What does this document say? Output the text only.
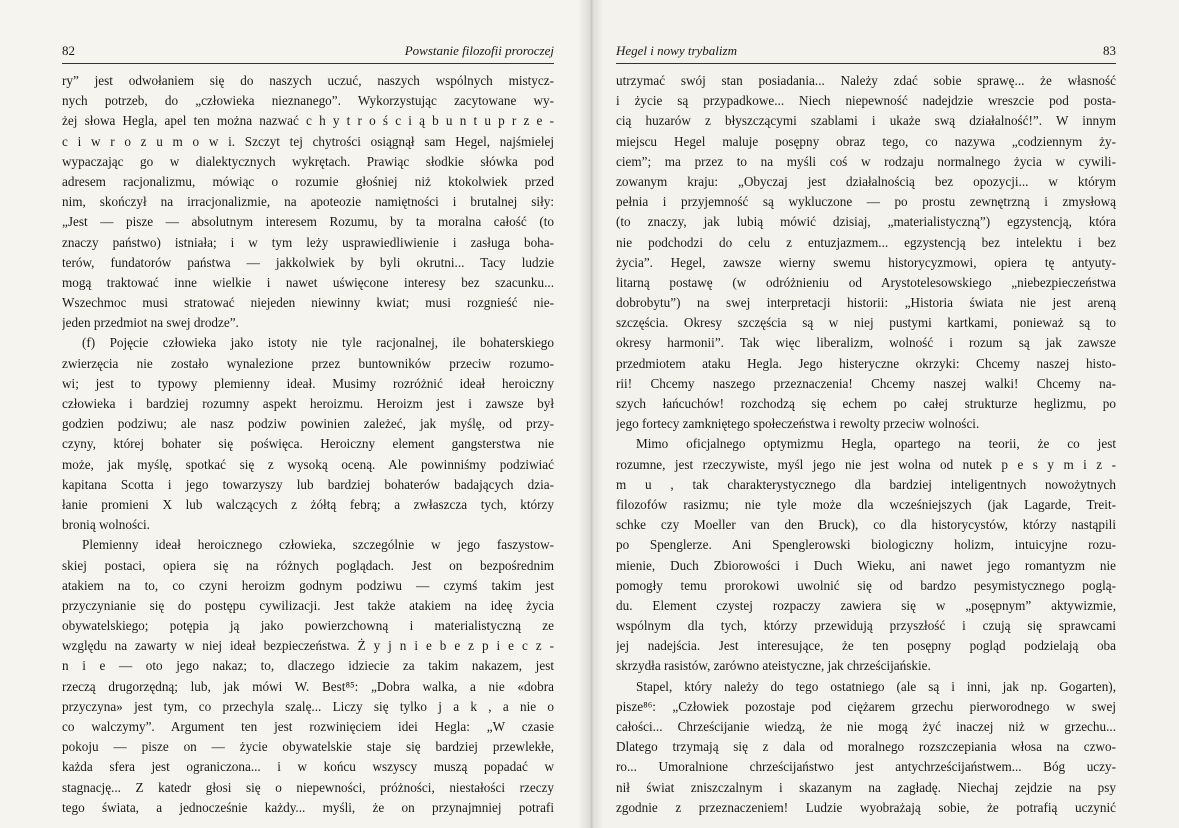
82	Powstanie filozofii proroczej
ry” jest odwołaniem się do naszych uczuć, naszych wspólnych mistycz-
nych potrzeb, do „człowieka nieznanego”. Wykorzystując zacytowane wy-
żej słowa Hegla, apel ten można nazwać c h y t r o ś c i ą b u n t u p r z e -
c i w r o z u m o w i. Szczyt tej chytrości osiągnął sam Hegel, najśmielej
wypaczając go w dialektycznych wykrętach. Prawiąc słodkie słówka pod
adresem racjonalizmu, mówiąc o rozumie głośniej niż ktokolwiek przed
nim, skończył na irracjonalizmie, na apoteozie namiętności i brutalnej siły:
„Jest — pisze — absolutnym interesem Rozumu, by ta moralna całość (to
znaczy państwo) istniała; i w tym leży usprawiedliwienie i zasługa boha-
terów, fundatorów państwa — jakkolwiek by byli okrutni... Tacy ludzie
mogą traktować inne wielkie i nawet uświęcone interesy bez szacunku...
Wszechmoc musi stratować niejeden niewinny kwiat; musi rozgnieść nie-
jeden przedmiot na swej drodze”.
(f) Pojęcie człowieka jako istoty nie tyle racjonalnej, ile bohaterskiego
zwierzęcia nie zostało wynalezione przez buntowników przeciw rozumo-
wi; jest to typowy plemienny ideał. Musimy rozróżnić ideał heroiczny
człowieka i bardziej rozumny aspekt heroizmu. Heroizm jest i zawsze był
godzien podziwu; ale nasz podziw powinien zależeć, jak myślę, od przy-
czyny, której bohater się poświęca. Heroiczny element gangsterstwa nie
może, jak myślę, spotkać się z wysoką oceną. Ale powinniśmy podziwiać
kapitana Scotta i jego towarzyszy lub bardziej bohaterów badających dzia-
łanie promieni X lub walczących z żółtą febrą; a zwłaszcza tych, którzy
bronią wolności.
Plemienny ideał heroicznego człowieka, szczególnie w jego faszystow-
skiej postaci, opiera się na różnych poglądach. Jest on bezpośrednim
atakiem na to, co czyni heroizm godnym podziwu — czymś takim jest
przyczynianie się do postępu cywilizacji. Jest także atakiem na ideę życia
obywatelskiego; potępia ją jako powierzchowną i materialistyczną ze
względu na zawarty w niej ideał bezpieczeństwa. Ż y j n i e b e z p i e c z -
n i e — oto jego nakaz; to, dlaczego idziecie za takim nakazem, jest
rzeczą drugorzędną; lub, jak mówi W. Best⁸⁵: „Dobra walka, a nie «dobra
przyczyna» jest tym, co przechyla szalę... Liczy się tylko j a k , a nie o
co walczymy”. Argument ten jest rozwinięciem idei Hegla: „W czasie
pokoju — pisze on — życie obywatelskie staje się bardziej przewlekłe,
każda sfera jest ograniczona... i w końcu wszyscy muszą popadać w
stagnację... Z katedr głosi się o niepewności, próżności, niestałości rzeczy
tego świata, a jednocześnie każdy... myśli, że on przynajmniej potrafi
Hegel i nowy trybalizm	83
utrzymać swój stan posiadania... Należy zdać sobie sprawę... że własność
i życie są przypadkowe... Niech niepewność nadejdzie wreszcie pod posta-
cią huzarów z błyszczącymi szablami i ukaże swą działalność!”. W innym
miejscu Hegel maluje posępny obraz tego, co nazywa „codziennym ży-
ciem”; ma przez to na myśli coś w rodzaju normalnego życia w cywili-
zowanym kraju: „Obyczaj jest działalnością bez opozycji... w którym
pełnia i przyjemność są wykluczone — po prostu zewnętrzną i zmysłową
(to znaczy, jak lubią mówić dzisiaj, „materialistyczną”) egzystencją, która
nie podchodzi do celu z entuzjazmem... egzystencją bez intelektu i bez
życia”. Hegel, zawsze wierny swemu historycyzmowi, opiera tę antyuty-
litarną postawę (w odróżnieniu od Arystotelesowskiego „niebezpieczeństwa
dobrobytu”) na swej interpretacji historii: „Historia świata nie jest areną
szczęścia. Okresy szczęścia są w niej pustymi kartkami, ponieważ są to
okresy harmonii”. Tak więc liberalizm, wolność i rozum są jak zawsze
przedmiotem ataku Hegla. Jego histeryczne okrzyki: Chcemy naszej histo-
rii! Chcemy naszego przeznaczenia! Chcemy naszej walki! Chcemy na-
szych łańcuchów! rozchodzą się echem po całej strukturze heglizmu, po
jego fortecy zamkniętego społeczeństwa i rewolty przeciw wolności.
Mimo oficjalnego optymizmu Hegla, opartego na teorii, że co jest
rozumne, jest rzeczywiste, myśl jego nie jest wolna od nutek p e s y m i z -
m u , tak charakterystycznego dla bardziej inteligentnych nowożytnych
filozofów rasizmu; nie tyle może dla wcześniejszych (jak Lagarde, Treit-
schke czy Moeller van den Bruck), co dla historycystów, którzy nastąpili
po Spenglerze. Ani Spenglerowski biologiczny holizm, intuicyjne rozu-
mienie, Duch Zbiorowości i Duch Wieku, ani nawet jego romantyzm nie
pomogły temu prorokowi uwolnić się od bardzo pesymistycznego poglą-
du. Element czystej rozpaczy zawiera się w „posępnym” aktywizmie,
wspólnym dla tych, którzy przewidują przyszłość i czują się sprawcami
jej nadejścia. Jest interesujące, że ten posępny pogląd podzielają oba
skrzydła rasistów, zarówno ateistyczne, jak chrześcijańskie.
Stapel, który należy do tego ostatniego (ale są i inni, jak np. Gogarten),
pisze⁸⁶: „Człowiek pozostaje pod ciężarem grzechu pierworodnego w swej
całości... Chrześcijanie wiedzą, że nie mogą żyć inaczej niż w grzechu...
Dlatego trzymają się z dala od moralnego rozszczepiania włosa na czwo-
ro... Umoralnione chrześcijaństwo jest antychrześcijaństwem... Bóg uczy-
nił świat zniszczalnym i skazanym na zagładę. Niechaj zejdzie na psy
zgodnie z przeznaczeniem! Ludzie wyobrażają sobie, że potrafią uczynić
